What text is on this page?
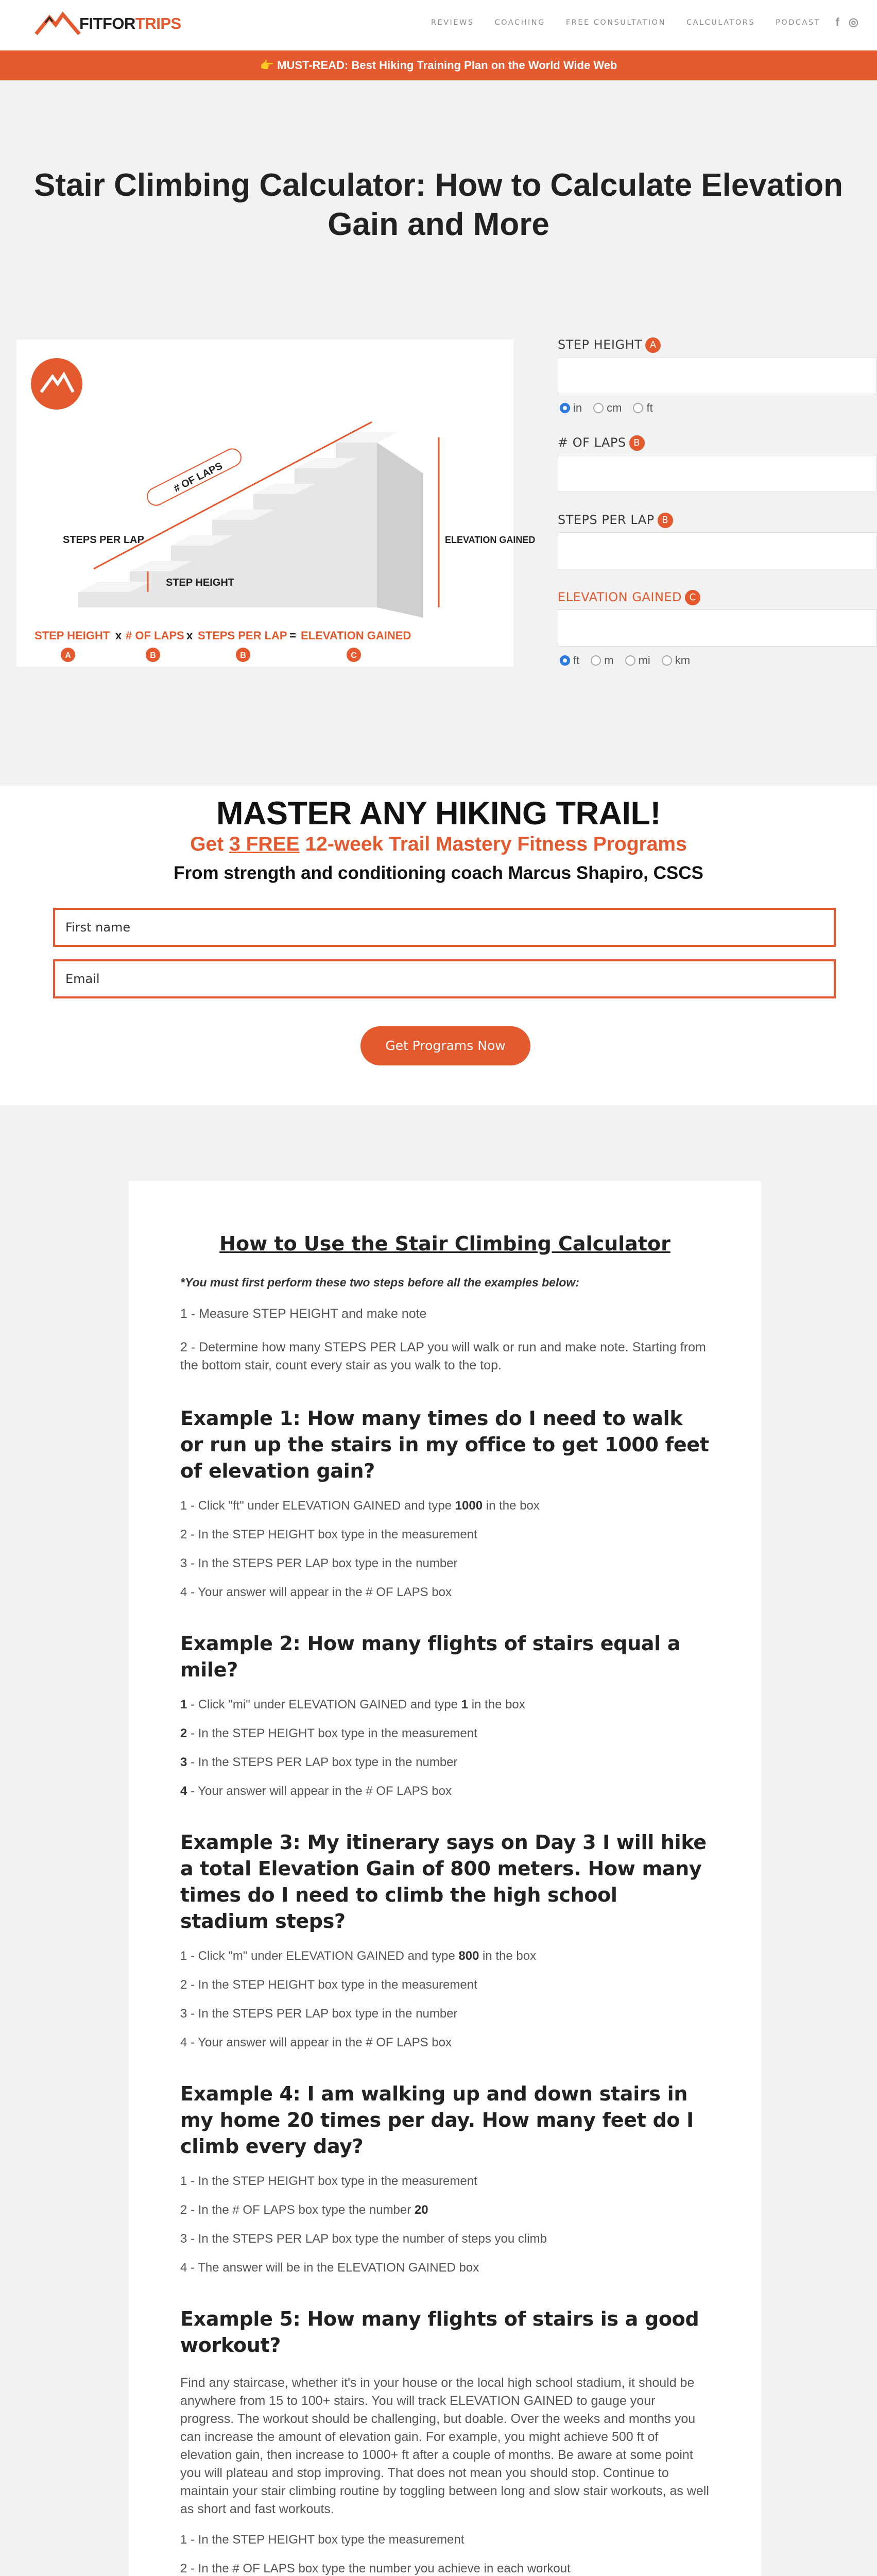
FITFORTRIPS	REVIEWS	COACHING	FREE CONSULTATION	CALCULATORS	PODCAST f ◎
👉 MUST-READ: Best Hiking Training Plan on the World Wide Web
Stair Climbing Calculator: How to Calculate Elevation Gain and More
# OF LAPS
STEPS PER LAP
STEP HEIGHT
ELEVATION GAINED
STEP HEIGHT x # OF LAPS x STEPS PER LAP = ELEVATION GAINED
A	B	B	C
STEP HEIGHT A
in cm ft
# OF LAPS B
STEPS PER LAP B
ELEVATION GAINED C
ft m mi km
MASTER ANY HIKING TRAIL!
Get 3 FREE 12-week Trail Mastery Fitness Programs
From strength and conditioning coach Marcus Shapiro, CSCS
First name
Email
Get Programs Now
How to Use the Stair Climbing Calculator
*You must first perform these two steps before all the examples below:
1 - Measure STEP HEIGHT and make note
2 - Determine how many STEPS PER LAP you will walk or run and make note. Starting from the bottom stair, count every stair as you walk to the top.
Example 1: How many times do I need to walk or run up the stairs in my office to get 1000 feet of elevation gain?
1 - Click "ft" under ELEVATION GAINED and type 1000 in the box
2 - In the STEP HEIGHT box type in the measurement
3 - In the STEPS PER LAP box type in the number
4 - Your answer will appear in the # OF LAPS box
Example 2: How many flights of stairs equal a mile?
1 - Click "mi" under ELEVATION GAINED and type 1 in the box
2 - In the STEP HEIGHT box type in the measurement
3 - In the STEPS PER LAP box type in the number
4 - Your answer will appear in the # OF LAPS box
Example 3: My itinerary says on Day 3 I will hike a total Elevation Gain of 800 meters. How many times do I need to climb the high school stadium steps?
1 - Click "m" under ELEVATION GAINED and type 800 in the box
2 - In the STEP HEIGHT box type in the measurement
3 - In the STEPS PER LAP box type in the number
4 - Your answer will appear in the # OF LAPS box
Example 4: I am walking up and down stairs in my home 20 times per day. How many feet do I climb every day?
1 - In the STEP HEIGHT box type in the measurement
2 - In the # OF LAPS box type the number 20
3 - In the STEPS PER LAP box type the number of steps you climb
4 - The answer will be in the ELEVATION GAINED box
Example 5: How many flights of stairs is a good workout?
Find any staircase, whether it's in your house or the local high school stadium, it should be anywhere from 15 to 100+ stairs. You will track ELEVATION GAINED to gauge your progress. The workout should be challenging, but doable. Over the weeks and months you can increase the amount of elevation gain. For example, you might achieve 500 ft of elevation gain, then increase to 1000+ ft after a couple of months. Be aware at some point you will plateau and stop improving. That does not mean you should stop. Continue to maintain your stair climbing routine by toggling between long and slow stair workouts, as well as short and fast workouts.
1 - In the STEP HEIGHT box type the measurement
2 - In the # OF LAPS box type the number you achieve in each workout
